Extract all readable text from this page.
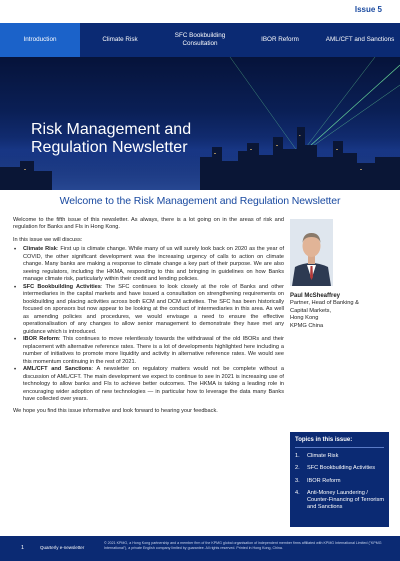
Issue 5
Introduction	Climate Risk
SFC Bookbuilding Consultation
IBOR Reform	AML/CFT and Sanctions
Risk Management and
Regulation Newsletter
Welcome to the Risk Management and Regulation Newsletter

Welcome to the fifth issue of this newsletter. As always, there is a lot going on in the areas of risk and regulation for Banks and FIs in Hong Kong.

In this issue we will discuss:

• Climate Risk: First up is climate change. While many of us will surely look back on 2020 as the year of COVID, the other significant development was the increasing urgency of calls to action on climate change. Many banks are making a response to climate change a key part of their purpose. We are also seeing regulators, including the HKMA, responding to this and bringing in guidelines on how Banks manage climate risk, particularly within their credit and lending policies.
• SFC Bookbuilding Activities: The SFC continues to look closely at the role of Banks and other intermediaries in the capital markets and have issued a consultation on strengthening requirements on bookbuilding and placing activities across both ECM and DCM activities. The SFC has been historically focused on sponsors but now appear to be looking at the conduct of intermediaries in this area. As well as amending policies and procedures, we would envisage a need to ensure the effective operationalisation of any changes to allow senior management to demonstrate they have met any guidance which is introduced.
• IBOR Reform: This continues to move relentlessly towards the withdrawal of the old IBORs and their replacement with alternative reference rates. There is a lot of developments highlighted here including a number of initiatives to promote more liquidity and activity in alternative reference rates. We would see this momentum continuing in the rest of 2021.
• AML/CFT and Sanctions: A newsletter on regulatory matters would not be complete without a discussion of AML/CFT. The main development we expect to continue to see in 2021 is increasing use of technology to allow banks and FIs to achieve better outcomes. The HKMA is taking a leading role in encouraging wider adoption of new technologies — in particular how to leverage the data many Banks have collected over years.

We hope you find this issue informative and look forward to hearing your feedback.

Paul McSheaffrey
Partner, Head of Banking &
Capital Markets,
Hong Kong
KPMG China
Topics in this issue:
1.	Climate Risk
2.	SFC Bookbuilding Activities
3.	IBOR Reform
4.	Anti-Money Laundering / Counter-Financing of Terrorism and Sanctions
1	Quarterly e-newsletter
© 2021 KPMG, a Hong Kong partnership and a member firm of the KPMG global organisation of independent member firms affiliated with KPMG International Limited ("KPMG International"), a private English company limited by guarantee. All rights reserved. Printed in Hong Kong, China.
